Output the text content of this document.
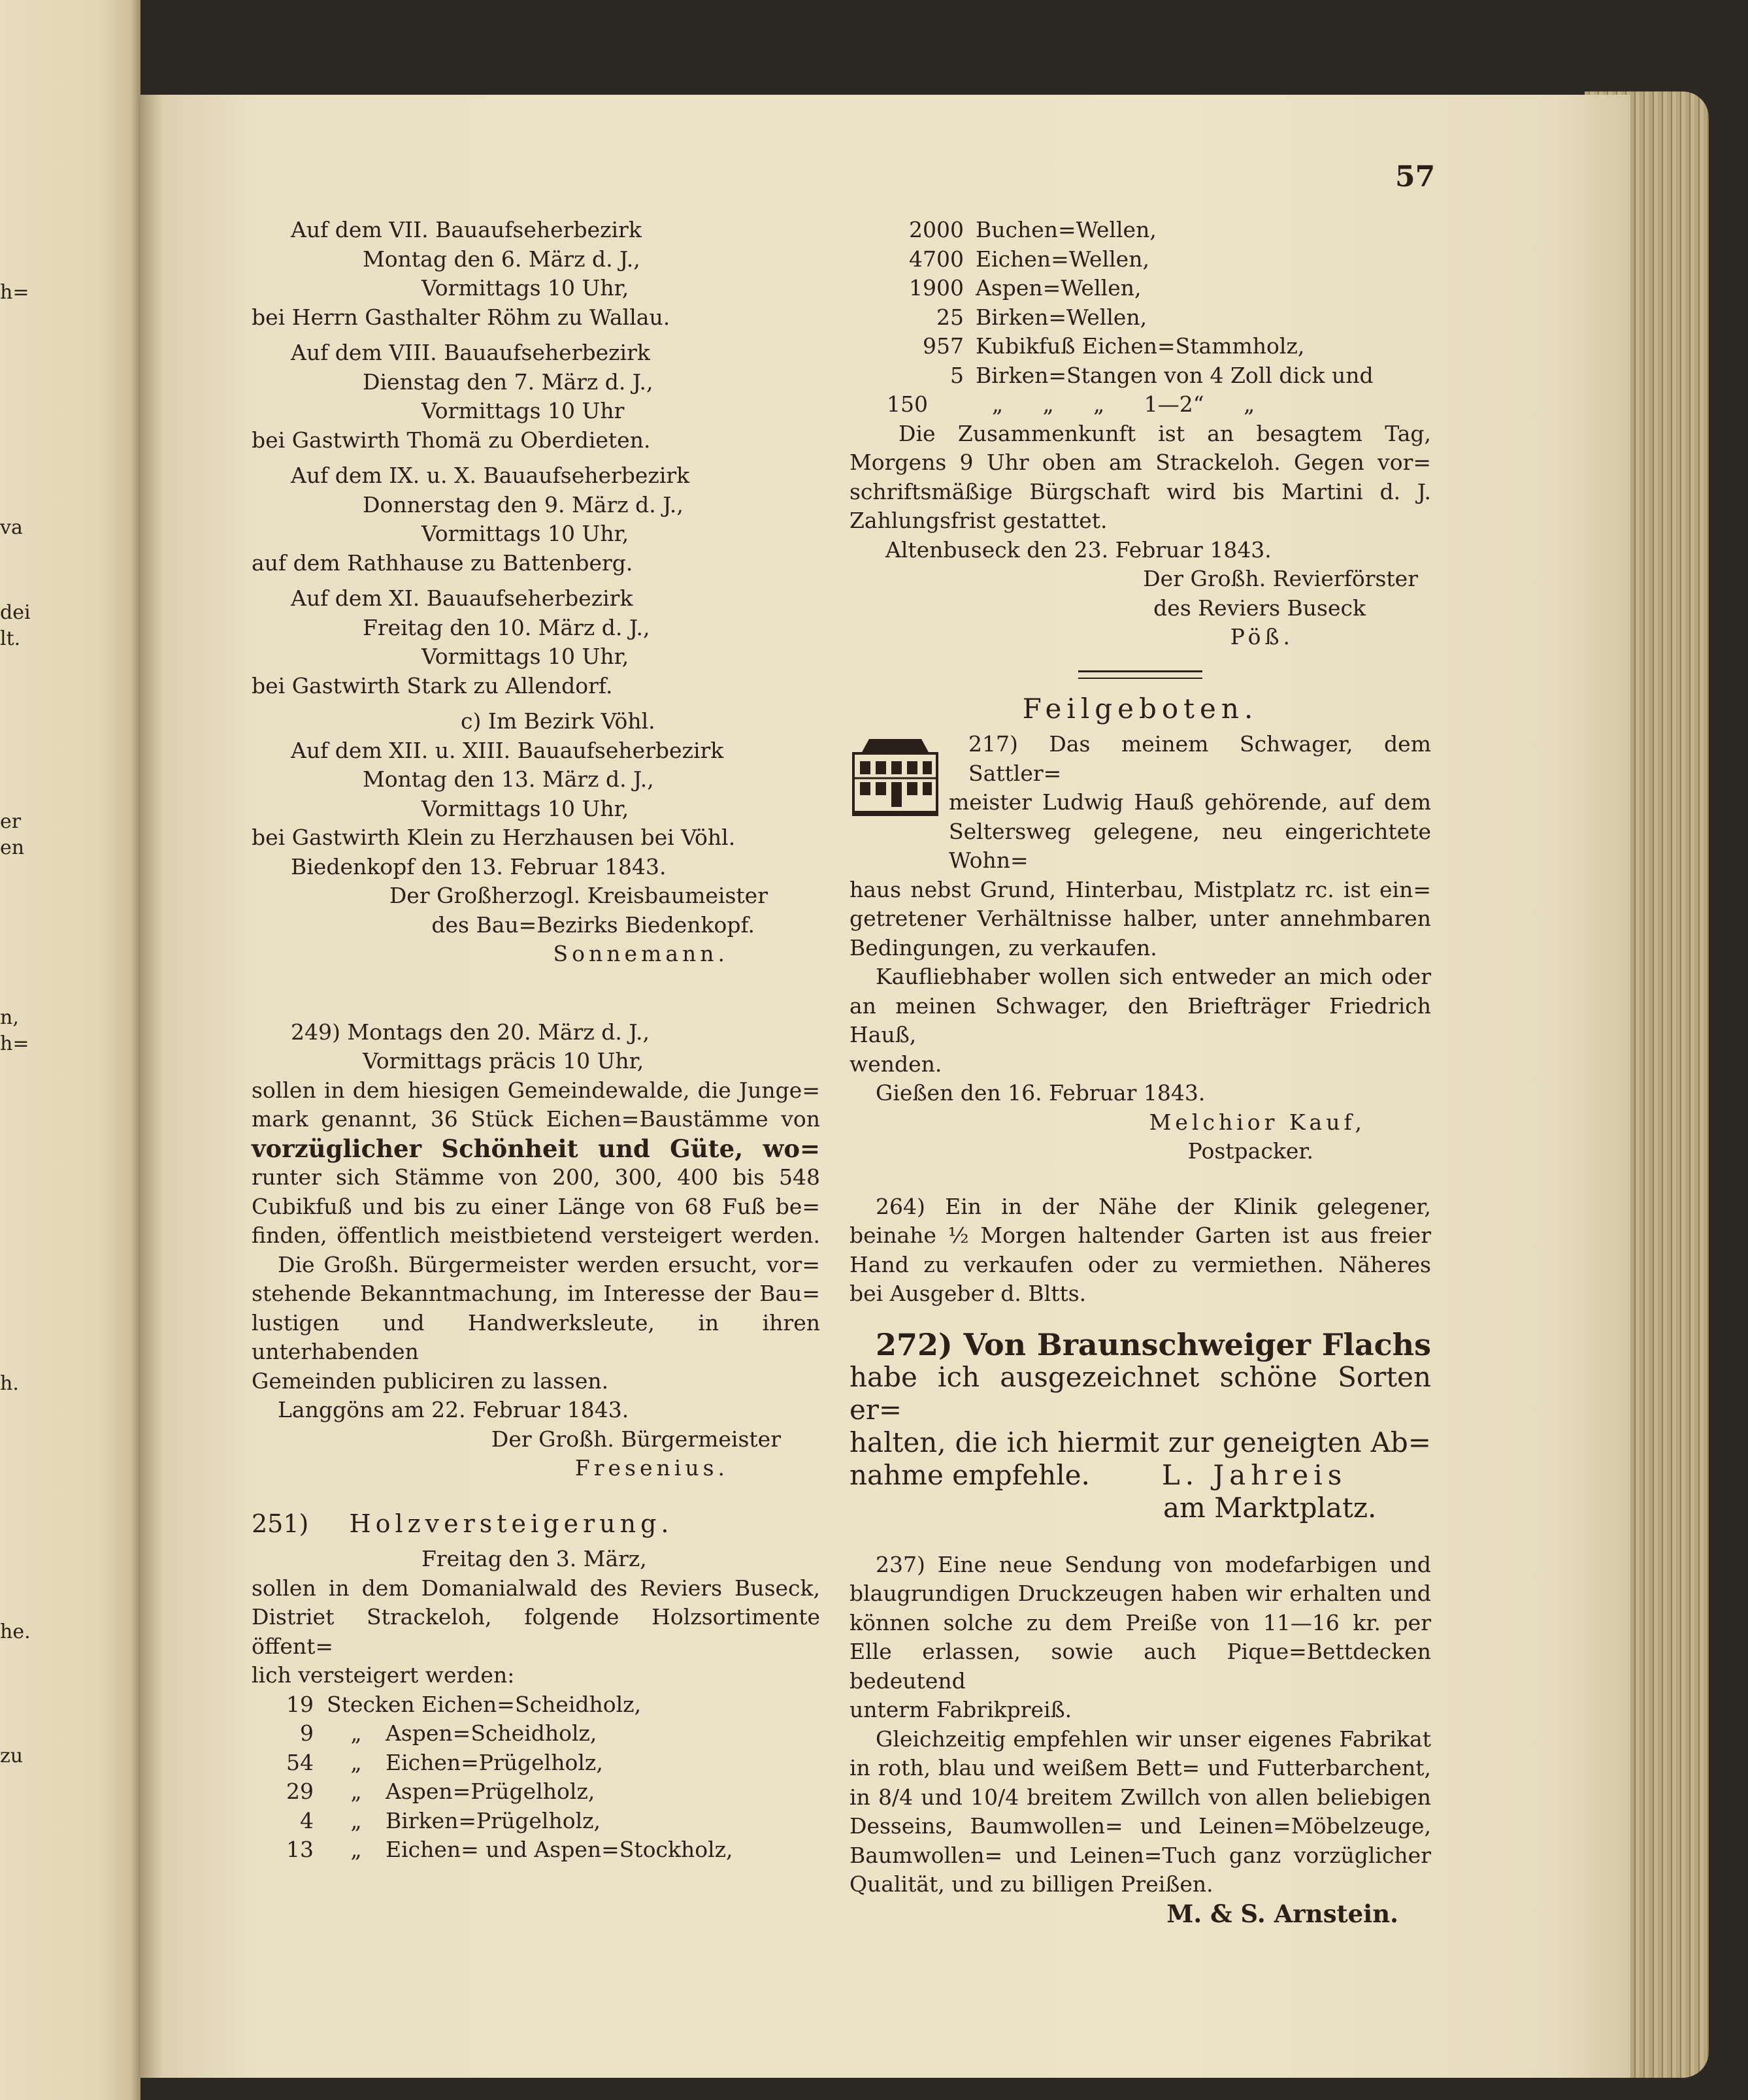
h=
va
dei
lt.
er
en
n,
h=
h.
he.
zu
57

Auf dem VII. Bauaufseherbezirk

Montag den 6. März d. J.,

Vormittags 10 Uhr,

bei Herrn Gasthalter Röhm zu Wallau.

Auf dem VIII. Bauaufseherbezirk

Dienstag den 7. März d. J.,

Vormittags 10 Uhr

bei Gastwirth Thomä zu Oberdieten.

Auf dem IX. u. X. Bauaufseherbezirk

Donnerstag den 9. März d. J.,

Vormittags 10 Uhr,

auf dem Rathhause zu Battenberg.

Auf dem XI. Bauaufseherbezirk

Freitag den 10. März d. J.,

Vormittags 10 Uhr,

bei Gastwirth Stark zu Allendorf.

c) Im Bezirk Vöhl.

Auf dem XII. u. XIII. Bauaufseherbezirk

Montag den 13. März d. J.,

Vormittags 10 Uhr,

bei Gastwirth Klein zu Herzhausen bei Vöhl.

Biedenkopf den 13. Februar 1843.

Der Großherzogl. Kreisbaumeister

des Bau=Bezirks Biedenkopf.

Sonnemann.

249) Montags den 20. März d. J.,

Vormittags präcis 10 Uhr,

sollen in dem hiesigen Gemeindewalde, die Junge=

mark genannt, 36 Stück Eichen=Baustämme von

vorzüglicher Schönheit und Güte, wo=

runter sich Stämme von 200, 300, 400 bis 548

Cubikfuß und bis zu einer Länge von 68 Fuß be=

finden, öffentlich meistbietend versteigert werden.

Die Großh. Bürgermeister werden ersucht, vor=

stehende Bekanntmachung, im Interesse der Bau=

lustigen und Handwerksleute, in ihren unterhabenden

Gemeinden publiciren zu lassen.

Langgöns am 22. Februar 1843.

Der Großh. Bürgermeister

Fresenius.

251) Holzversteigerung.

Freitag den 3. März,

sollen in dem Domanialwald des Reviers Buseck,

Distriet Strackeloh, folgende Holzsortimente öffent=

lich versteigert werden:

19 Stecken Eichen=Scheidholz,
9	„	Aspen=Scheidholz,
54	„	Eichen=Prügelholz,
29	„	Aspen=Prügelholz,
4	„	Birken=Prügelholz,
13	„	Eichen= und Aspen=Stockholz,
2000 Buchen=Wellen,
4700 Eichen=Wellen,
1900 Aspen=Wellen,
25 Birken=Wellen,
957 Kubikfuß Eichen=Stammholz,
5 Birken=Stangen von 4 Zoll dick und
150	„ „ „ 1—2“ „

Die Zusammenkunft ist an besagtem Tag,

Morgens 9 Uhr oben am Strackeloh. Gegen vor=

schriftsmäßige Bürgschaft wird bis Martini d. J.

Zahlungsfrist gestattet.

Altenbuseck den 23. Februar 1843.

Der Großh. Revierförster

des Reviers Buseck

Pöß.

Feilgeboten.

217) Das meinem Schwager, dem Sattler=

meister Ludwig Hauß gehörende, auf dem

Seltersweg gelegene, neu eingerichtete Wohn=

haus nebst Grund, Hinterbau, Mistplatz rc. ist ein=

getretener Verhältnisse halber, unter annehmbaren

Bedingungen, zu verkaufen.

Kaufliebhaber wollen sich entweder an mich oder

an meinen Schwager, den Briefträger Friedrich Hauß,

wenden.

Gießen den 16. Februar 1843.

Melchior Kauf,

Postpacker.

264) Ein in der Nähe der Klinik gelegener,

beinahe ½ Morgen haltender Garten ist aus freier

Hand zu verkaufen oder zu vermiethen. Näheres

bei Ausgeber d. Bltts.

272) Von Braunschweiger Flachs

habe ich ausgezeichnet schöne Sorten er=

halten, die ich hiermit zur geneigten Ab=

nahme empfehle.	L. Jahreis

am Marktplatz.

237) Eine neue Sendung von modefarbigen und

blaugrundigen Druckzeugen haben wir erhalten und

können solche zu dem Preiße von 11—16 kr. per

Elle erlassen, sowie auch Pique=Bettdecken bedeutend

unterm Fabrikpreiß.

Gleichzeitig empfehlen wir unser eigenes Fabrikat

in roth, blau und weißem Bett= und Futterbarchent,

in 8/4 und 10/4 breitem Zwillch von allen beliebigen

Desseins, Baumwollen= und Leinen=Möbelzeuge,

Baumwollen= und Leinen=Tuch ganz vorzüglicher

Qualität, und zu billigen Preißen.

M. & S. Arnstein.
